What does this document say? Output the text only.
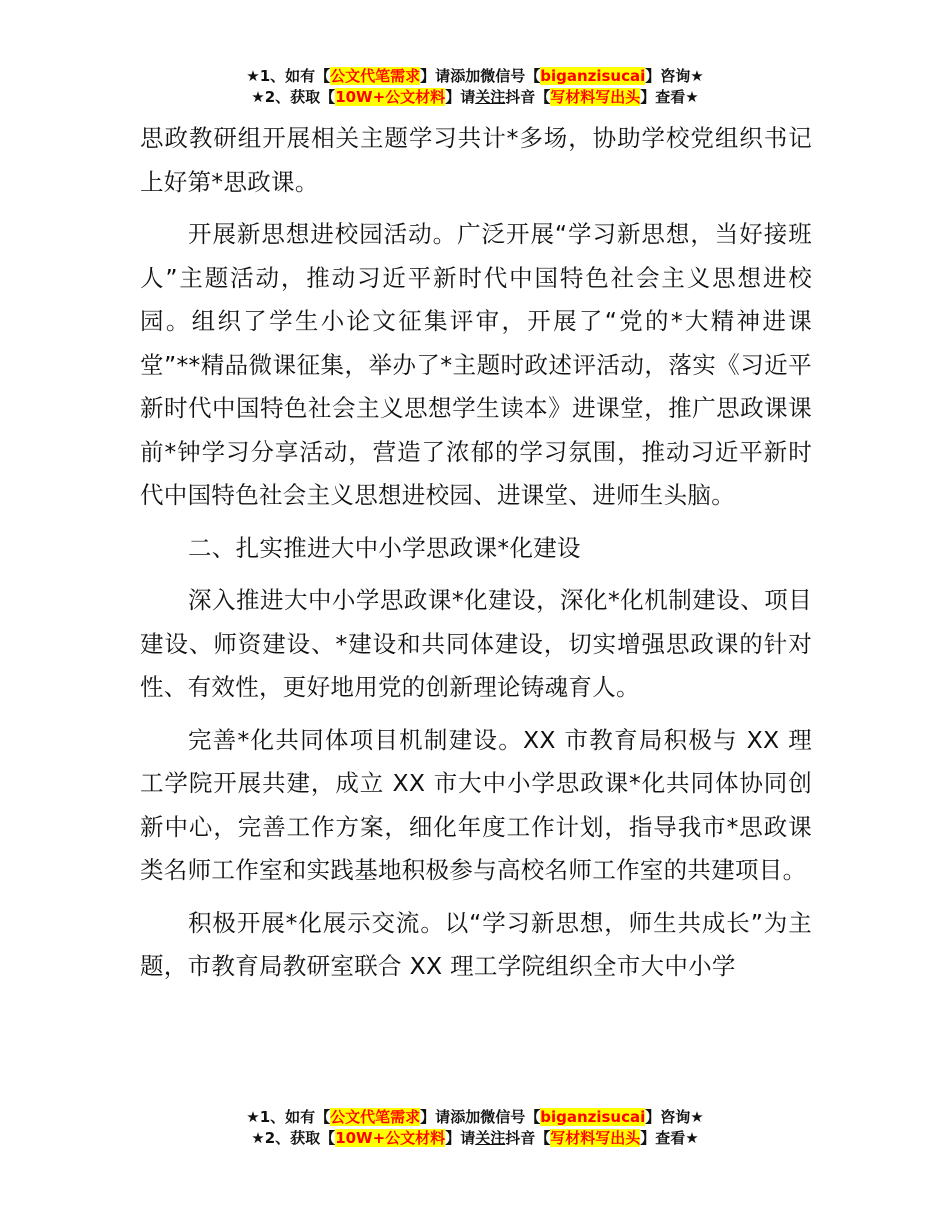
★1、如有【公文代笔需求】请添加微信号【biganzisucai】咨询★
★2、获取【10W+公文材料】请关注抖音【写材料写出头】查看★

思政教研组开展相关主题学习共计*多场，协助学校党组织书记上好第*思政课。

开展新思想进校园活动。广泛开展“学习新思想，当好接班人”主题活动，推动习近平新时代中国特色社会主义思想进校园。组织了学生小论文征集评审，开展了“党的*大精神进课堂”**精品微课征集，举办了*主题时政述评活动，落实《习近平新时代中国特色社会主义思想学生读本》进课堂，推广思政课课前*钟学习分享活动，营造了浓郁的学习氛围，推动习近平新时代中国特色社会主义思想进校园、进课堂、进师生头脑。

二、扎实推进大中小学思政课*化建设

深入推进大中小学思政课*化建设，深化*化机制建设、项目建设、师资建设、*建设和共同体建设，切实增强思政课的针对性、有效性，更好地用党的创新理论铸魂育人。

完善*化共同体项目机制建设。XX 市教育局积极与 XX 理工学院开展共建，成立 XX 市大中小学思政课*化共同体协同创新中心，完善工作方案，细化年度工作计划，指导我市*思政课类名师工作室和实践基地积极参与高校名师工作室的共建项目。

积极开展*化展示交流。以“学习新思想，师生共成长”为主题，市教育局教研室联合 XX 理工学院组织全市大中小学

★1、如有【公文代笔需求】请添加微信号【biganzisucai】咨询★
★2、获取【10W+公文材料】请关注抖音【写材料写出头】查看★
